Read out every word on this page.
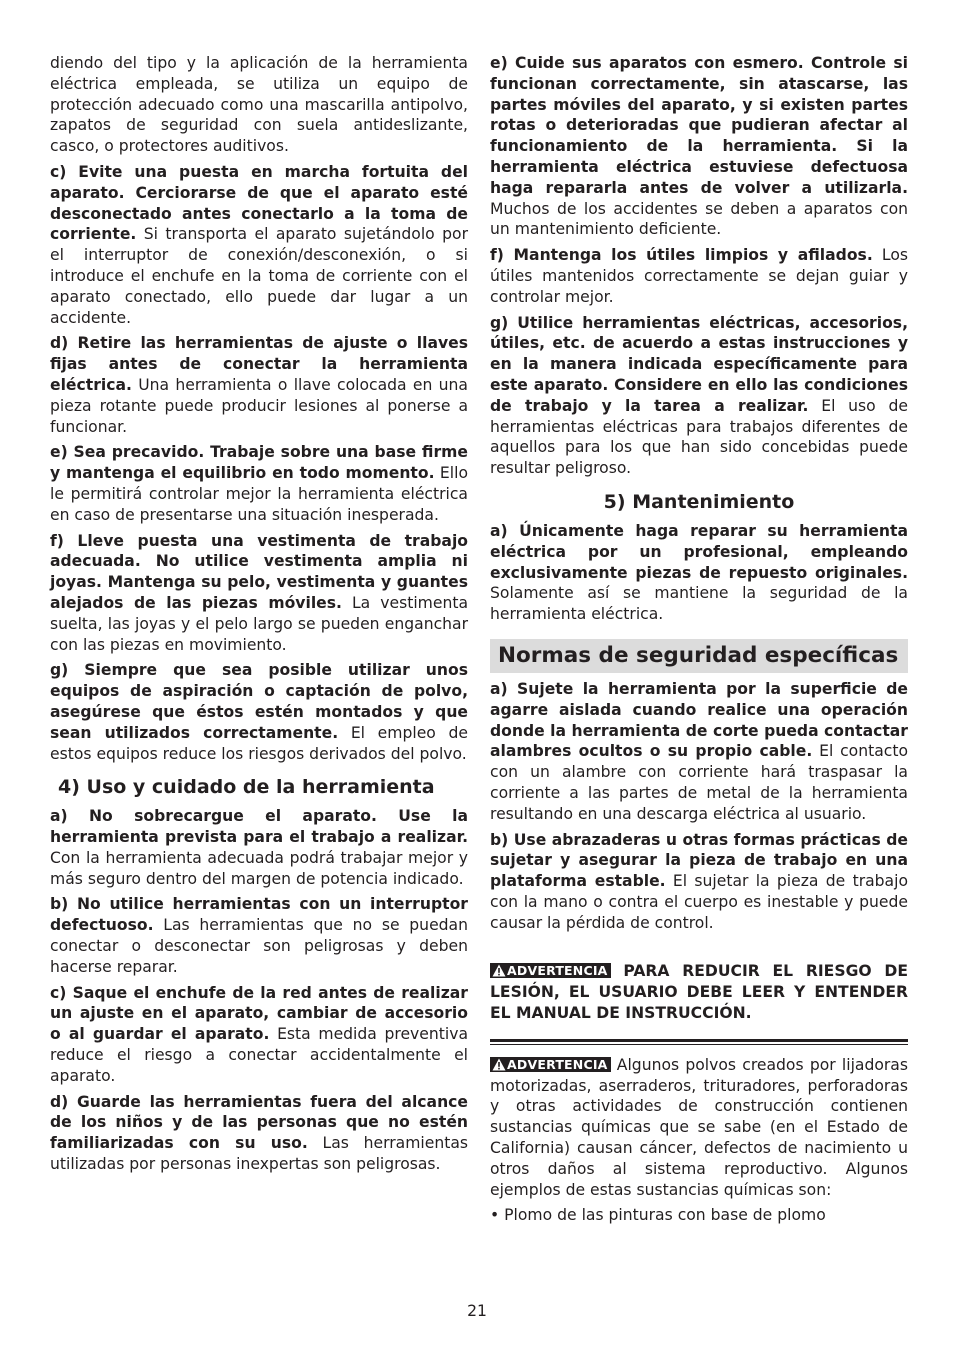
diendo del tipo y la aplicación de la herramienta eléctrica empleada, se utiliza un equipo de protección adecuado como una mascarilla antipolvo, zapatos de seguridad con suela antideslizante, casco, o protectores auditivos.

c) Evite una puesta en marcha fortuita del aparato. Cerciorarse de que el aparato esté desconectado antes conectarlo a la toma de corriente. Si transporta el aparato sujetándolo por el interruptor de conexión/desconexión, o si introduce el enchufe en la toma de corriente con el aparato conectado, ello puede dar lugar a un accidente.

d) Retire las herramientas de ajuste o llaves fijas antes de conectar la herramienta eléctrica. Una herramienta o llave colocada en una pieza rotante puede producir lesiones al ponerse a funcionar.

e) Sea precavido. Trabaje sobre una base firme y mantenga el equilibrio en todo momento. Ello le permitirá controlar mejor la herramienta eléctrica en caso de presentarse una situación inesperada.

f) Lleve puesta una vestimenta de trabajo adecuada. No utilice vestimenta amplia ni joyas. Mantenga su pelo, vestimenta y guantes alejados de las piezas móviles. La vestimenta suelta, las joyas y el pelo largo se pueden enganchar con las piezas en movimiento.

g) Siempre que sea posible utilizar unos equipos de aspiración o captación de polvo, asegúrese que éstos estén montados y que sean utilizados correctamente. El empleo de estos equipos reduce los riesgos derivados del polvo.

4) Uso y cuidado de la herramienta

a) No sobrecargue el aparato. Use la herramienta prevista para el trabajo a realizar. Con la herramienta adecuada podrá trabajar mejor y más seguro dentro del margen de potencia indicado.

b) No utilice herramientas con un interruptor defectuoso. Las herramientas que no se puedan conectar o desconectar son peligrosas y deben hacerse reparar.

c) Saque el enchufe de la red antes de realizar un ajuste en el aparato, cambiar de accesorio o al guardar el aparato. Esta medida preventiva reduce el riesgo a conectar accidentalmente el aparato.

d) Guarde las herramientas fuera del alcance de los niños y de las personas que no estén familiarizadas con su uso. Las herramientas utilizadas por personas inexpertas son peligrosas.

e) Cuide sus aparatos con esmero. Controle si funcionan correctamente, sin atascarse, las partes móviles del aparato, y si existen partes rotas o deterioradas que pudieran afectar al funcionamiento de la herramienta. Si la herramienta eléctrica estuviese defectuosa haga repararla antes de volver a utilizarla. Muchos de los accidentes se deben a aparatos con un mantenimiento deficiente.

f) Mantenga los útiles limpios y afilados. Los útiles mantenidos correctamente se dejan guiar y controlar mejor.

g) Utilice herramientas eléctricas, accesorios, útiles, etc. de acuerdo a estas instrucciones y en la manera indicada específicamente para este aparato. Considere en ello las condiciones de trabajo y la tarea a realizar. El uso de herramientas eléctricas para trabajos diferentes de aquellos para los que han sido concebidas puede resultar peligroso.

5) Mantenimiento

a) Únicamente haga reparar su herramienta eléctrica por un profesional, empleando exclusivamente piezas de repuesto originales. Solamente así se mantiene la seguridad de la herramienta eléctrica.

Normas de seguridad específicas

a) Sujete la herramienta por la superficie de agarre aislada cuando realice una operación donde la herramienta de corte pueda contactar alambres ocultos o su propio cable. El contacto con un alambre con corriente hará traspasar la corriente a las partes de metal de la herramienta resultando en una descarga eléctrica al usuario.

b) Use abrazaderas u otras formas prácticas de sujetar y asegurar la pieza de trabajo en una plataforma estable. El sujetar la pieza de trabajo con la mano o contra el cuerpo es inestable y puede causar la pérdida de control.

ADVERTENCIA PARA REDUCIR EL RIESGO DE LESIÓN, EL USUARIO DEBE LEER Y ENTENDER EL MANUAL DE INSTRUCCIÓN.

ADVERTENCIA Algunos polvos creados por lijadoras motorizadas, aserraderos, trituradores, perforadoras y otras actividades de construcción contienen sustancias químicas que se sabe (en el Estado de California) causan cáncer, defectos de nacimiento u otros daños al sistema reproductivo. Algunos ejemplos de estas sustancias químicas son:

• Plomo de las pinturas con base de plomo

21
